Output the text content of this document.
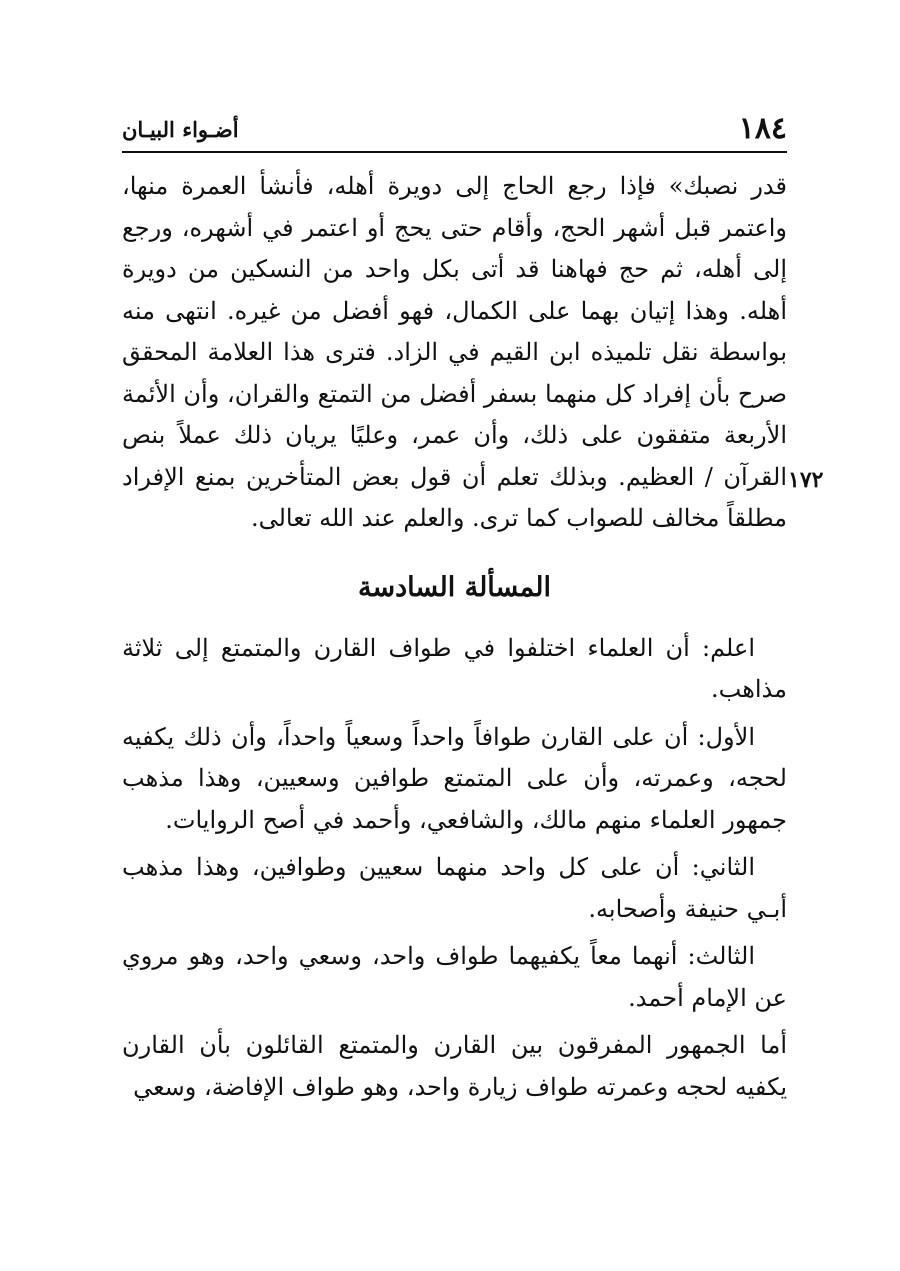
١٨٤
أضـواء البيـان
١٧٢

قدر نصبك» فإذا رجع الحاج إلى دويرة أهله، فأنشأ العمرة منها، واعتمر قبل أشهر الحج، وأقام حتى يحج أو اعتمر في أشهره، ورجع إلى أهله، ثم حج فهاهنا قد أتى بكل واحد من النسكين من دويرة أهله. وهذا إتيان بهما على الكمال، فهو أفضل من غيره. انتهى منه بواسطة نقل تلميذه ابن القيم في الزاد. فترى هذا العلامة المحقق صرح بأن إفراد كل منهما بسفر أفضل من التمتع والقران، وأن الأئمة الأربعة متفقون على ذلك، وأن عمر، وعليًا يريان ذلك عملاً بنص القرآن / العظيم. وبذلك تعلم أن قول بعض المتأخرين بمنع الإفراد مطلقاً مخالف للصواب كما ترى. والعلم عند الله تعالى.

المسألة السادسة

اعلم: أن العلماء اختلفوا في طواف القارن والمتمتع إلى ثلاثة مذاهب.

الأول: أن على القارن طوافاً واحداً وسعياً واحداً، وأن ذلك يكفيه لحجه، وعمرته، وأن على المتمتع طوافين وسعيين، وهذا مذهب جمهور العلماء منهم مالك، والشافعي، وأحمد في أصح الروايات.

الثاني: أن على كل واحد منهما سعيين وطوافين، وهذا مذهب أبـي حنيفة وأصحابه.

الثالث: أنهما معاً يكفيهما طواف واحد، وسعي واحد، وهو مروي عن الإمام أحمد.

أما الجمهور المفرقون بين القارن والمتمتع القائلون بأن القارن يكفيه لحجه وعمرته طواف زيارة واحد، وهو طواف الإفاضة، وسعي
